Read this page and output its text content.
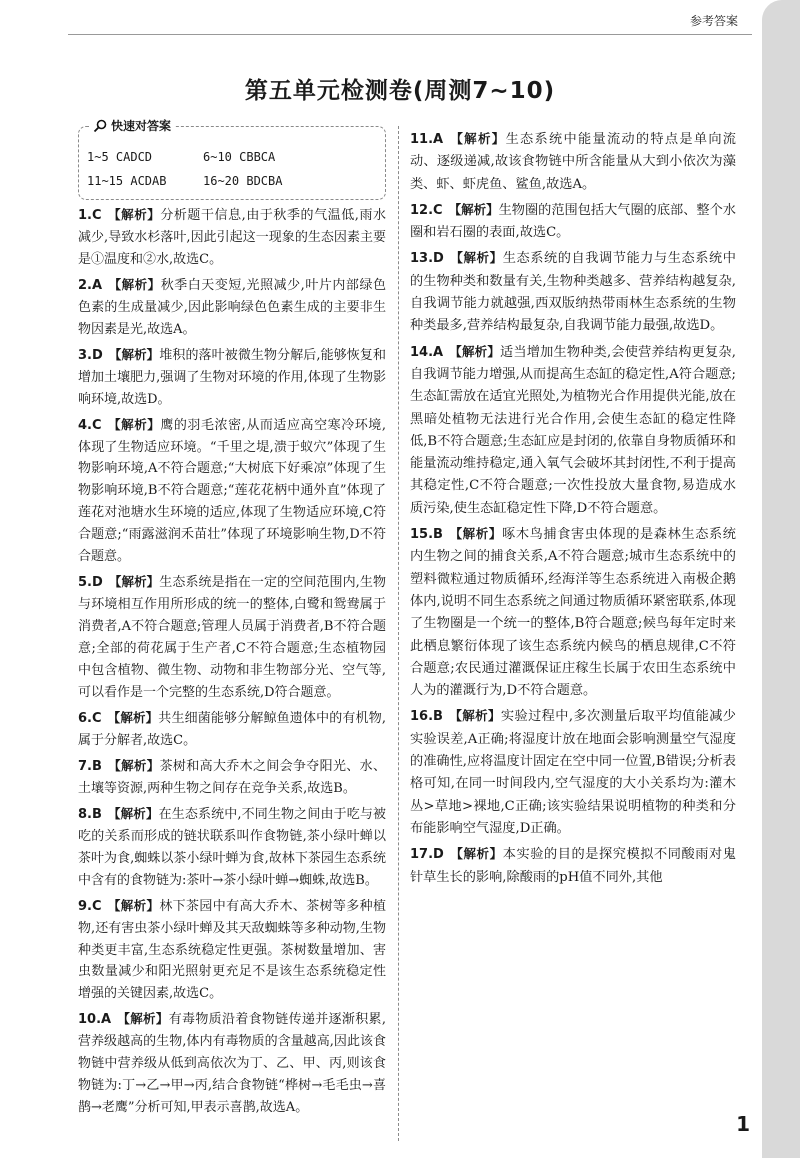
参考答案
第五单元检测卷(周测7~10)
快速对答案
1~5 CADCD	6~10 CBBCA
11~15 ACDAB	16~20 BDCBA
1.C 【解析】分析题干信息,由于秋季的气温低,雨水减少,导致水杉落叶,因此引起这一现象的生态因素主要是①温度和②水,故选C。
2.A 【解析】秋季白天变短,光照减少,叶片内部绿色色素的生成量减少,因此影响绿色色素生成的主要非生物因素是光,故选A。
3.D 【解析】堆积的落叶被微生物分解后,能够恢复和增加土壤肥力,强调了生物对环境的作用,体现了生物影响环境,故选D。
4.C 【解析】鹰的羽毛浓密,从而适应高空寒冷环境,体现了生物适应环境。“千里之堤,溃于蚁穴”体现了生物影响环境,A不符合题意;“大树底下好乘凉”体现了生物影响环境,B不符合题意;“莲花花柄中通外直”体现了莲花对池塘水生环境的适应,体现了生物适应环境,C符合题意;“雨露滋润禾苗壮”体现了环境影响生物,D不符合题意。
5.D 【解析】生态系统是指在一定的空间范围内,生物与环境相互作用所形成的统一的整体,白鹭和鸳鸯属于消费者,A不符合题意;管理人员属于消费者,B不符合题意;全部的荷花属于生产者,C不符合题意;生态植物园中包含植物、微生物、动物和非生物部分光、空气等,可以看作是一个完整的生态系统,D符合题意。
6.C 【解析】共生细菌能够分解鲸鱼遗体中的有机物,属于分解者,故选C。
7.B 【解析】茶树和高大乔木之间会争夺阳光、水、土壤等资源,两种生物之间存在竞争关系,故选B。
8.B 【解析】在生态系统中,不同生物之间由于吃与被吃的关系而形成的链状联系叫作食物链,茶小绿叶蝉以茶叶为食,蜘蛛以茶小绿叶蝉为食,故林下茶园生态系统中含有的食物链为:茶叶→茶小绿叶蝉→蜘蛛,故选B。
9.C 【解析】林下茶园中有高大乔木、茶树等多种植物,还有害虫茶小绿叶蝉及其天敌蜘蛛等多种动物,生物种类更丰富,生态系统稳定性更强。茶树数量增加、害虫数量减少和阳光照射更充足不是该生态系统稳定性增强的关键因素,故选C。
10.A 【解析】有毒物质沿着食物链传递并逐渐积累,营养级越高的生物,体内有毒物质的含量越高,因此该食物链中营养级从低到高依次为丁、乙、甲、丙,则该食物链为:丁→乙→甲→丙,结合食物链“桦树→毛毛虫→喜鹊→老鹰”分析可知,甲表示喜鹊,故选A。
11.A 【解析】生态系统中能量流动的特点是单向流动、逐级递减,故该食物链中所含能量从大到小依次为藻类、虾、虾虎鱼、鲨鱼,故选A。
12.C 【解析】生物圈的范围包括大气圈的底部、整个水圈和岩石圈的表面,故选C。
13.D 【解析】生态系统的自我调节能力与生态系统中的生物种类和数量有关,生物种类越多、营养结构越复杂,自我调节能力就越强,西双版纳热带雨林生态系统的生物种类最多,营养结构最复杂,自我调节能力最强,故选D。
14.A 【解析】适当增加生物种类,会使营养结构更复杂,自我调节能力增强,从而提高生态缸的稳定性,A符合题意;生态缸需放在适宜光照处,为植物光合作用提供光能,放在黑暗处植物无法进行光合作用,会使生态缸的稳定性降低,B不符合题意;生态缸应是封闭的,依靠自身物质循环和能量流动维持稳定,通入氧气会破坏其封闭性,不利于提高其稳定性,C不符合题意;一次性投放大量食物,易造成水质污染,使生态缸稳定性下降,D不符合题意。
15.B 【解析】啄木鸟捕食害虫体现的是森林生态系统内生物之间的捕食关系,A不符合题意;城市生态系统中的塑料微粒通过物质循环,经海洋等生态系统进入南极企鹅体内,说明不同生态系统之间通过物质循环紧密联系,体现了生物圈是一个统一的整体,B符合题意;候鸟每年定时来此栖息繁衍体现了该生态系统内候鸟的栖息规律,C不符合题意;农民通过灌溉保证庄稼生长属于农田生态系统中人为的灌溉行为,D不符合题意。
16.B 【解析】实验过程中,多次测量后取平均值能减少实验误差,A正确;将湿度计放在地面会影响测量空气湿度的准确性,应将温度计固定在空中同一位置,B错误;分析表格可知,在同一时间段内,空气湿度的大小关系均为:灌木丛>草地>裸地,C正确;该实验结果说明植物的种类和分布能影响空气湿度,D正确。
17.D 【解析】本实验的目的是探究模拟不同酸雨对鬼针草生长的影响,除酸雨的pH值不同外,其他
1
